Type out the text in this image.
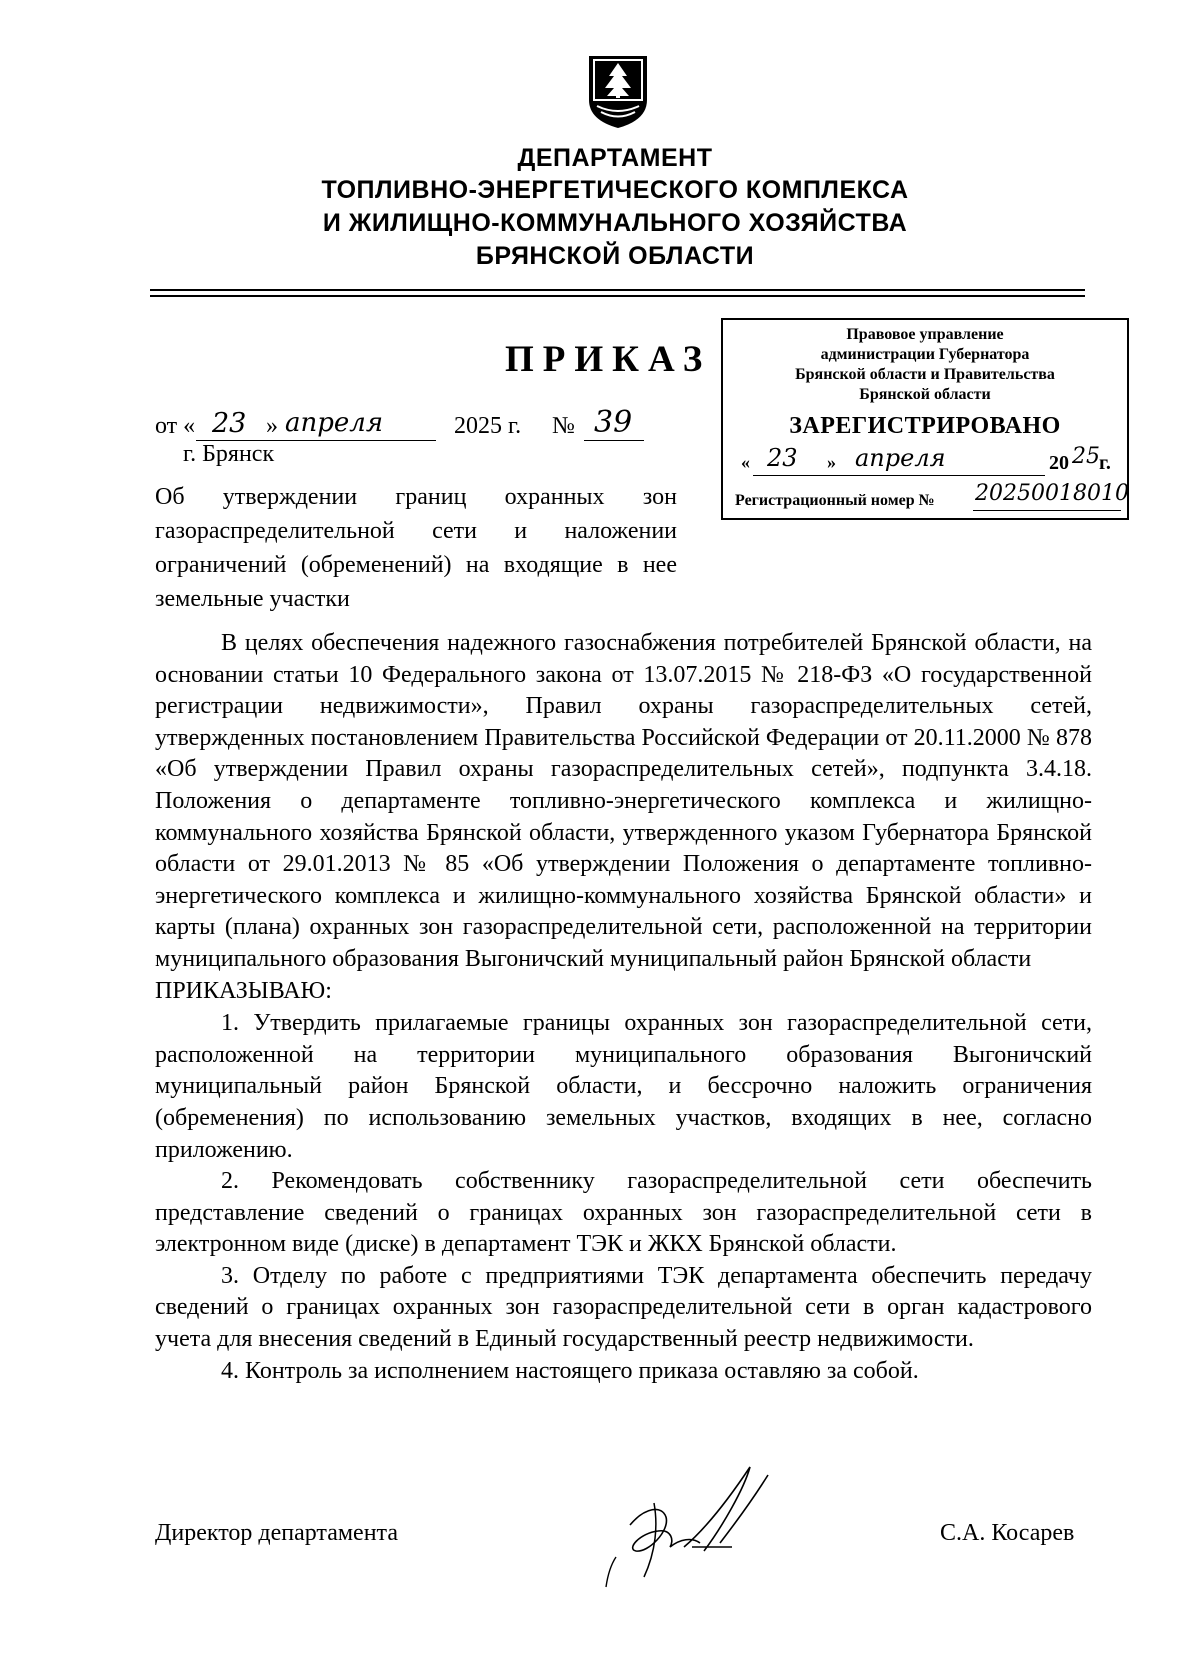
ДЕПАРТАМЕНТ
ТОПЛИВНО-ЭНЕРГЕТИЧЕСКОГО КОМПЛЕКСА
И ЖИЛИЩНО-КОММУНАЛЬНОГО ХОЗЯЙСТВА
БРЯНСКОЙ ОБЛАСТИ
ПРИКАЗ
от « 23 » апреля	2025 г. № 39
г. Брянск
Правовое управление
администрации Губернатора
Брянской области и Правительства
Брянской области
ЗАРЕГИСТРИРОВАНО
« 23 » апреля	20 25 г.
Регистрационный номер № 20250018010

Об утверждении границ охранных зон газораспределительной сети и наложении ограничений (обременений) на входящие в нее земельные участки

В целях обеспечения надежного газоснабжения потребителей Брянской области, на основании статьи 10 Федерального закона от 13.07.2015 № 218-ФЗ «О государственной регистрации недвижимости», Правил охраны газораспределительных сетей, утвержденных постановлением Правительства Российской Федерации от 20.11.2000 № 878 «Об утверждении Правил охраны газораспределительных сетей», подпункта 3.4.18. Положения о департаменте топливно-энергетического комплекса и жилищно-коммунального хозяйства Брянской области, утвержденного указом Губернатора Брянской области от 29.01.2013 № 85 «Об утверждении Положения о департаменте топливно-энергетического комплекса и жилищно-коммунального хозяйства Брянской области» и карты (плана) охранных зон газораспределительной сети, расположенной на территории муниципального образования Выгоничский муниципальный район Брянской области

ПРИКАЗЫВАЮ:

1. Утвердить прилагаемые границы охранных зон газораспределительной сети, расположенной на территории муниципального образования Выгоничский муниципальный район Брянской области, и бессрочно наложить ограничения (обременения) по использованию земельных участков, входящих в нее, согласно приложению.

2. Рекомендовать собственнику газораспределительной сети обеспечить представление сведений о границах охранных зон газораспределительной сети в электронном виде (диске) в департамент ТЭК и ЖКХ Брянской области.

3. Отделу по работе с предприятиями ТЭК департамента обеспечить передачу сведений о границах охранных зон газораспределительной сети в орган кадастрового учета для внесения сведений в Единый государственный реестр недвижимости.

4. Контроль за исполнением настоящего приказа оставляю за собой.

Директор департамента	С.А. Косарев
